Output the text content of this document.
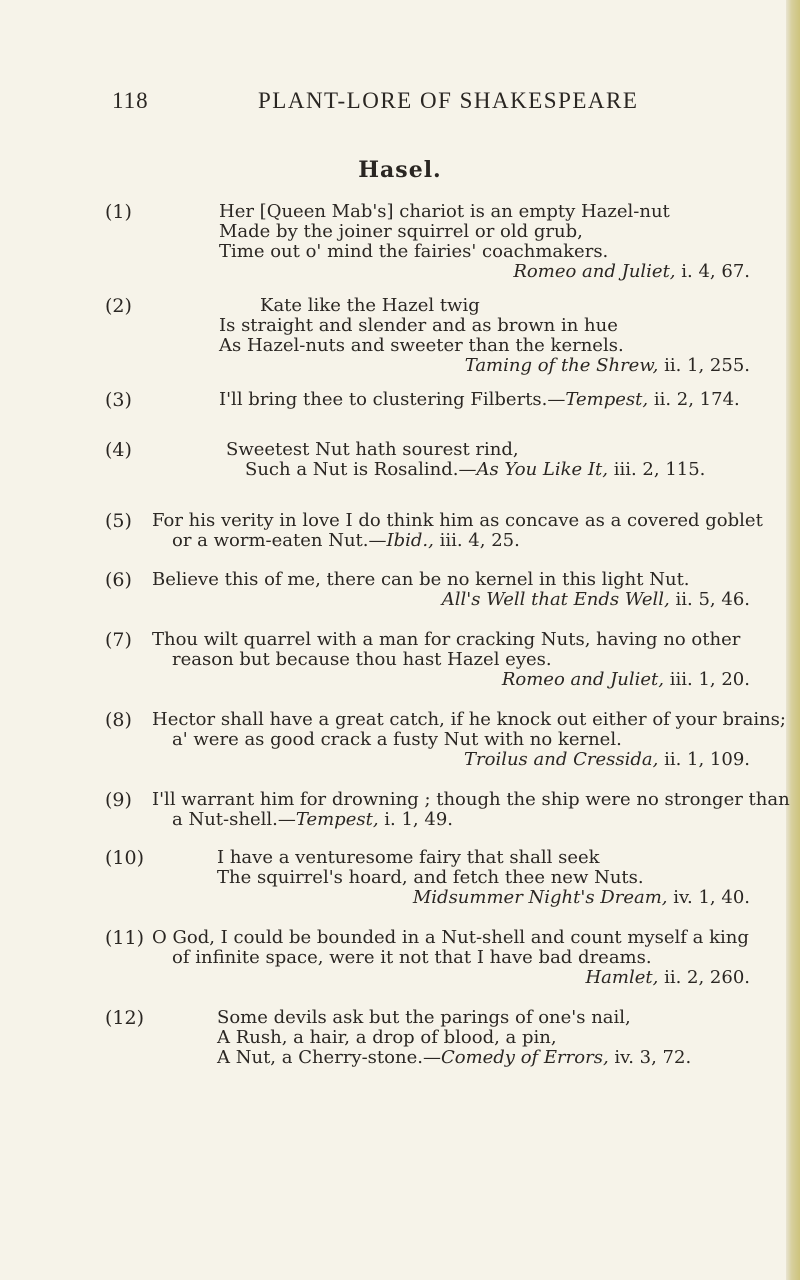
118	PLANT-LORE OF SHAKESPEARE
Hasel.
(1)	Her [Queen Mab's] chariot is an empty Hazel-nut
Made by the joiner squirrel or old grub,
Time out o' mind the fairies' coachmakers.
Romeo and Juliet, i. 4, 67.
(2)	Kate like the Hazel twig
Is straight and slender and as brown in hue
As Hazel-nuts and sweeter than the kernels.
Taming of the Shrew, ii. 1, 255.
(3)	I'll bring thee to clustering Filberts.—Tempest, ii. 2, 174.
(4)	Sweetest Nut hath sourest rind,
Such a Nut is Rosalind.—As You Like It, iii. 2, 115.
(5) For his verity in love I do think him as concave as a covered goblet
or a worm-eaten Nut.—Ibid., iii. 4, 25.
(6) Believe this of me, there can be no kernel in this light Nut.
All's Well that Ends Well, ii. 5, 46.
(7) Thou wilt quarrel with a man for cracking Nuts, having no other
reason but because thou hast Hazel eyes.
Romeo and Juliet, iii. 1, 20.
(8) Hector shall have a great catch, if he knock out either of your brains;
a' were as good crack a fusty Nut with no kernel.
Troilus and Cressida, ii. 1, 109.
(9) I'll warrant him for drowning ; though the ship were no stronger than
a Nut-shell.—Tempest, i. 1, 49.
(10)	I have a venturesome fairy that shall seek
The squirrel's hoard, and fetch thee new Nuts.
Midsummer Night's Dream, iv. 1, 40.
(11) O God, I could be bounded in a Nut-shell and count myself a king
of infinite space, were it not that I have bad dreams.
Hamlet, ii. 2, 260.
(12)	Some devils ask but the parings of one's nail,
A Rush, a hair, a drop of blood, a pin,
A Nut, a Cherry-stone.—Comedy of Errors, iv. 3, 72.
